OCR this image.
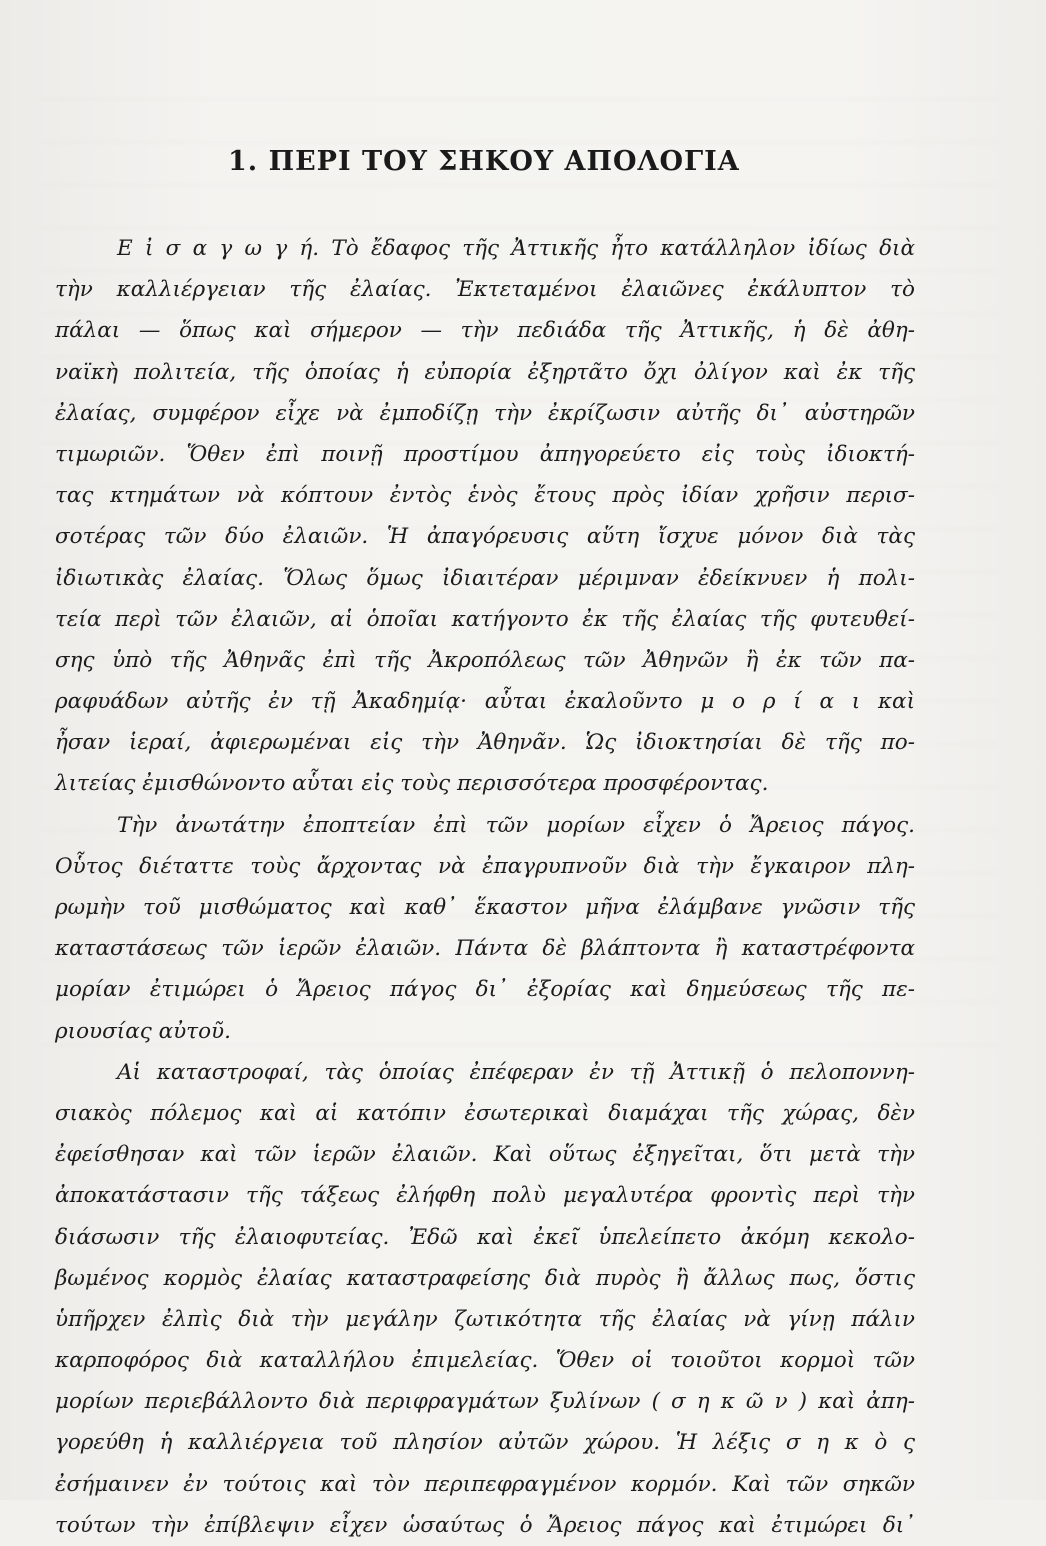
1. ΠΕΡΙ ΤΟΥ ΣΗΚΟΥ ΑΠΟΛΟΓΙΑ
Ε ἰ σ α γ ω γ ή. Τὸ ἔδαφος τῆς Ἀττικῆς ἦτο κατάλληλον ἰδίως διὰ
τὴν καλλιέργειαν τῆς ἐλαίας. Ἐκτεταμένοι ἐλαιῶνες ἐκάλυπτον τὸ
πάλαι — ὅπως καὶ σήμερον — τὴν πεδιάδα τῆς Ἀττικῆς, ἡ δὲ ἀθη-
ναϊκὴ πολιτεία, τῆς ὁποίας ἡ εὐπορία ἐξηρτᾶτο ὄχι ὀλίγον καὶ ἐκ τῆς
ἐλαίας, συμφέρον εἶχε νὰ ἐμποδίζῃ τὴν ἐκρίζωσιν αὐτῆς δι᾽ αὐστηρῶν
τιμωριῶν. Ὅθεν ἐπὶ ποινῇ προστίμου ἀπηγορεύετο εἰς τοὺς ἰδιοκτή-
τας κτημάτων νὰ κόπτουν ἐντὸς ἑνὸς ἔτους πρὸς ἰδίαν χρῆσιν περισ-
σοτέρας τῶν δύο ἐλαιῶν. Ἡ ἀπαγόρευσις αὕτη ἴσχυε μόνον διὰ τὰς
ἰδιωτικὰς ἐλαίας. Ὅλως ὅμως ἰδιαιτέραν μέριμναν ἐδείκνυεν ἡ πολι-
τεία περὶ τῶν ἐλαιῶν, αἱ ὁποῖαι κατήγοντο ἐκ τῆς ἐλαίας τῆς φυτευθεί-
σης ὑπὸ τῆς Ἀθηνᾶς ἐπὶ τῆς Ἀκροπόλεως τῶν Ἀθηνῶν ἢ ἐκ τῶν πα-
ραφυάδων αὐτῆς ἐν τῇ Ἀκαδημίᾳ· αὗται ἐκαλοῦντο μ ο ρ ί α ι καὶ
ἦσαν ἱεραί, ἀφιερωμέναι εἰς τὴν Ἀθηνᾶν. Ὡς ἰδιοκτησίαι δὲ τῆς πο-
λιτείας ἐμισθώνοντο αὗται εἰς τοὺς περισσότερα προσφέροντας.
Τὴν ἀνωτάτην ἐποπτείαν ἐπὶ τῶν μορίων εἶχεν ὁ Ἄρειος πάγος.
Οὗτος διέταττε τοὺς ἄρχοντας νὰ ἐπαγρυπνοῦν διὰ τὴν ἔγκαιρον πλη-
ρωμὴν τοῦ μισθώματος καὶ καθ᾽ ἕκαστον μῆνα ἐλάμβανε γνῶσιν τῆς
καταστάσεως τῶν ἱερῶν ἐλαιῶν. Πάντα δὲ βλάπτοντα ἢ καταστρέφοντα
μορίαν ἐτιμώρει ὁ Ἄρειος πάγος δι᾽ ἐξορίας καὶ δημεύσεως τῆς πε-
ριουσίας αὐτοῦ.
Αἱ καταστροφαί, τὰς ὁποίας ἐπέφεραν ἐν τῇ Ἀττικῇ ὁ πελοποννη-
σιακὸς πόλεμος καὶ αἱ κατόπιν ἐσωτερικαὶ διαμάχαι τῆς χώρας, δὲν
ἐφείσθησαν καὶ τῶν ἱερῶν ἐλαιῶν. Καὶ οὕτως ἐξηγεῖται, ὅτι μετὰ τὴν
ἀποκατάστασιν τῆς τάξεως ἐλήφθη πολὺ μεγαλυτέρα φροντὶς περὶ τὴν
διάσωσιν τῆς ἐλαιοφυτείας. Ἐδῶ καὶ ἐκεῖ ὑπελείπετο ἀκόμη κεκολο-
βωμένος κορμὸς ἐλαίας καταστραφείσης διὰ πυρὸς ἢ ἄλλως πως, ὅστις
ὑπῆρχεν ἐλπὶς διὰ τὴν μεγάλην ζωτικότητα τῆς ἐλαίας νὰ γίνῃ πάλιν
καρποφόρος διὰ καταλλήλου ἐπιμελείας. Ὅθεν οἱ τοιοῦτοι κορμοὶ τῶν
μορίων περιεβάλλοντο διὰ περιφραγμάτων ξυλίνων ( σ η κ ῶ ν ) καὶ ἀπη-
γορεύθη ἡ καλλιέργεια τοῦ πλησίον αὐτῶν χώρου. Ἡ λέξις σ η κ ὸ ς
ἐσήμαινεν ἐν τούτοις καὶ τὸν περιπεφραγμένον κορμόν. Καὶ τῶν σηκῶν
τούτων τὴν ἐπίβλεψιν εἶχεν ὡσαύτως ὁ Ἄρειος πάγος καὶ ἐτιμώρει δι᾽
